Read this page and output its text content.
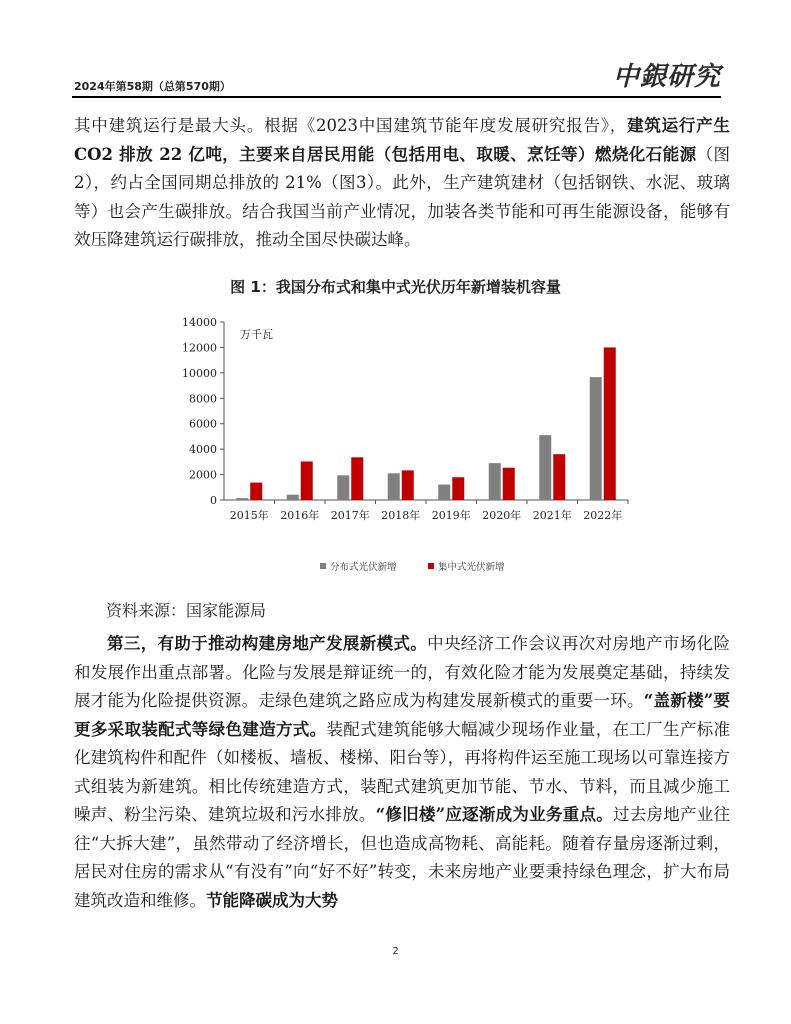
2024年第58期（总第570期）	中銀研究

其中建筑运行是最大头。根据《2023中国建筑节能年度发展研究报告》，建筑运行产生 CO2 排放 22 亿吨，主要来自居民用能（包括用电、取暖、烹饪等）燃烧化石能源（图2），约占全国同期总排放的 21%（图3）。此外，生产建筑建材（包括钢铁、水泥、玻璃等）也会产生碳排放。结合我国当前产业情况，加装各类节能和可再生能源设备，能够有效压降建筑运行碳排放，推动全国尽快碳达峰。

图 1：我国分布式和集中式光伏历年新增装机容量
0
2000
4000
6000
8000
10000
12000
14000
万千瓦
2015年 2016年 2017年 2018年 2019年 2020年 2021年 2022年
分布式光伏新增	集中式光伏新增
资料来源：国家能源局

第三，有助于推动构建房地产发展新模式。中央经济工作会议再次对房地产市场化险和发展作出重点部署。化险与发展是辩证统一的，有效化险才能为发展奠定基础，持续发展才能为化险提供资源。走绿色建筑之路应成为构建发展新模式的重要一环。“盖新楼”要更多采取装配式等绿色建造方式。装配式建筑能够大幅减少现场作业量，在工厂生产标准化建筑构件和配件（如楼板、墙板、楼梯、阳台等），再将构件运至施工现场以可靠连接方式组装为新建筑。相比传统建造方式，装配式建筑更加节能、节水、节料，而且减少施工噪声、粉尘污染、建筑垃圾和污水排放。“修旧楼”应逐渐成为业务重点。过去房地产业往往“大拆大建”，虽然带动了经济增长，但也造成高物耗、高能耗。随着存量房逐渐过剩，居民对住房的需求从“有没有”向“好不好”转变，未来房地产业要秉持绿色理念，扩大布局建筑改造和维修。节能降碳成为大势

2
